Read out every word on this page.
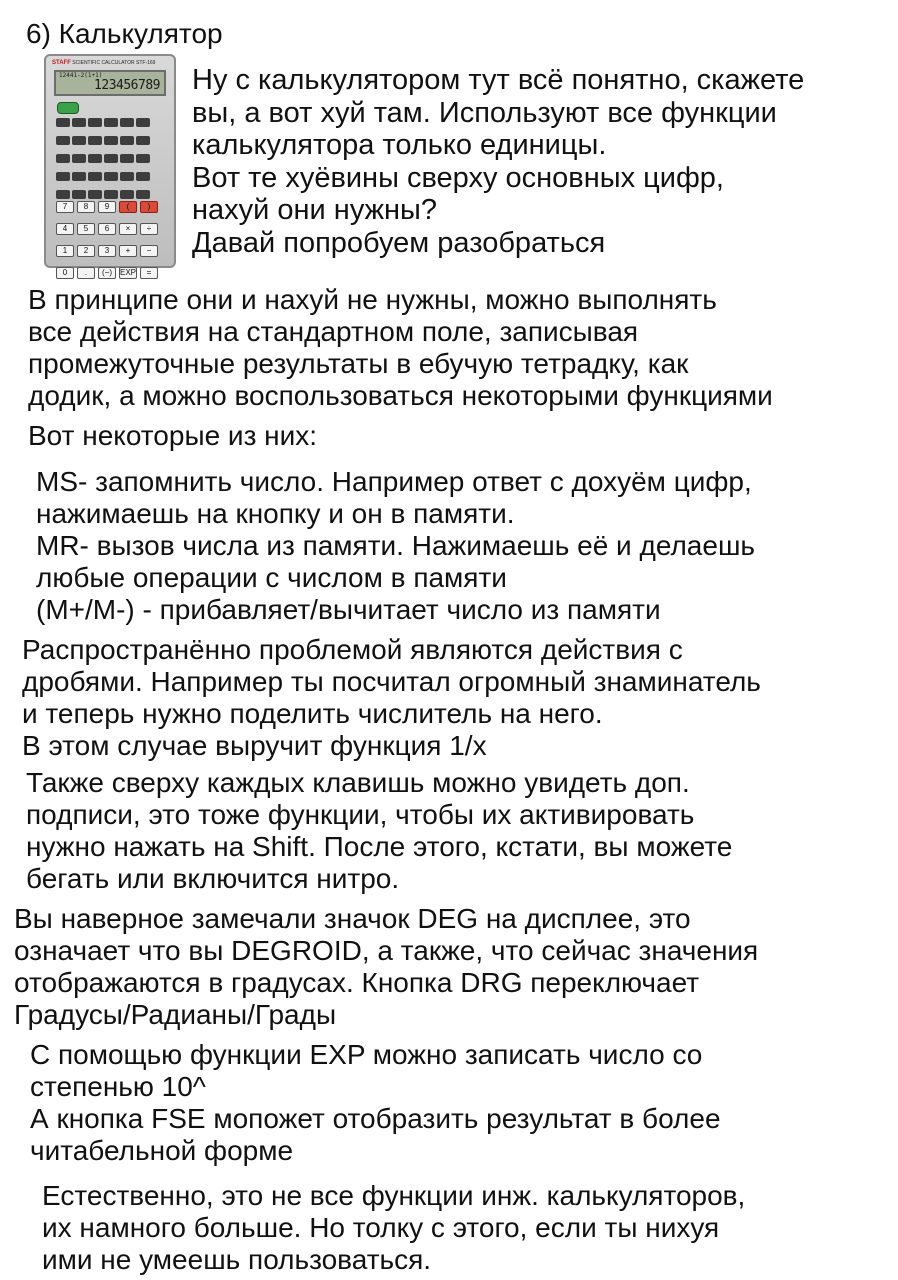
6) Калькулятор
STAFF SCIENTIFIC CALCULATOR STF-169
12441-2(1+1)
123456789

7 8 9 ( ) 4 5 6 × ÷ 1 2 3 + − 0 . (−) EXP =
Ну с калькулятором тут всё понятно, скажете
вы, а вот хуй там. Используют все функции
калькулятора только единицы.
Вот те хуёвины сверху основных цифр,
нахуй они нужны?
Давай попробуем разобраться
В принципе они и нахуй не нужны, можно выполнять
все действия на стандартном поле, записывая
промежуточные результаты в ебучую тетрадку, как
додик, а можно воспользоваться некоторыми функциями
Вот некоторые из них:
MS- запомнить число. Например ответ с дохуём цифр,
нажимаешь на кнопку и он в памяти.
MR- вызов числа из памяти. Нажимаешь её и делаешь
любые операции с числом в памяти
(M+/M-) - прибавляет/вычитает число из памяти
Распространённо проблемой являются действия с
дробями. Например ты посчитал огромный знаминатель
и теперь нужно поделить числитель на него.
В этом случае выручит функция 1/х
Также сверху каждых клавишь можно увидеть доп.
подписи, это тоже функции, чтобы их активировать
нужно нажать на Shift. После этого, кстати, вы можете
бегать или включится нитро.
Вы наверное замечали значок DEG на дисплее, это
означает что вы DEGROID, а также, что сейчас значения
отображаются в градусах. Кнопка DRG переключает
Градусы/Радианы/Грады
С помощью функции EXP можно записать число со
степенью 10^
А кнопка FSE мопожет отобразить результат в более
читабельной форме
Естественно, это не все функции инж. калькуляторов,
их намного больше. Но толку с этого, если ты нихуя
ими не умеешь пользоваться.
